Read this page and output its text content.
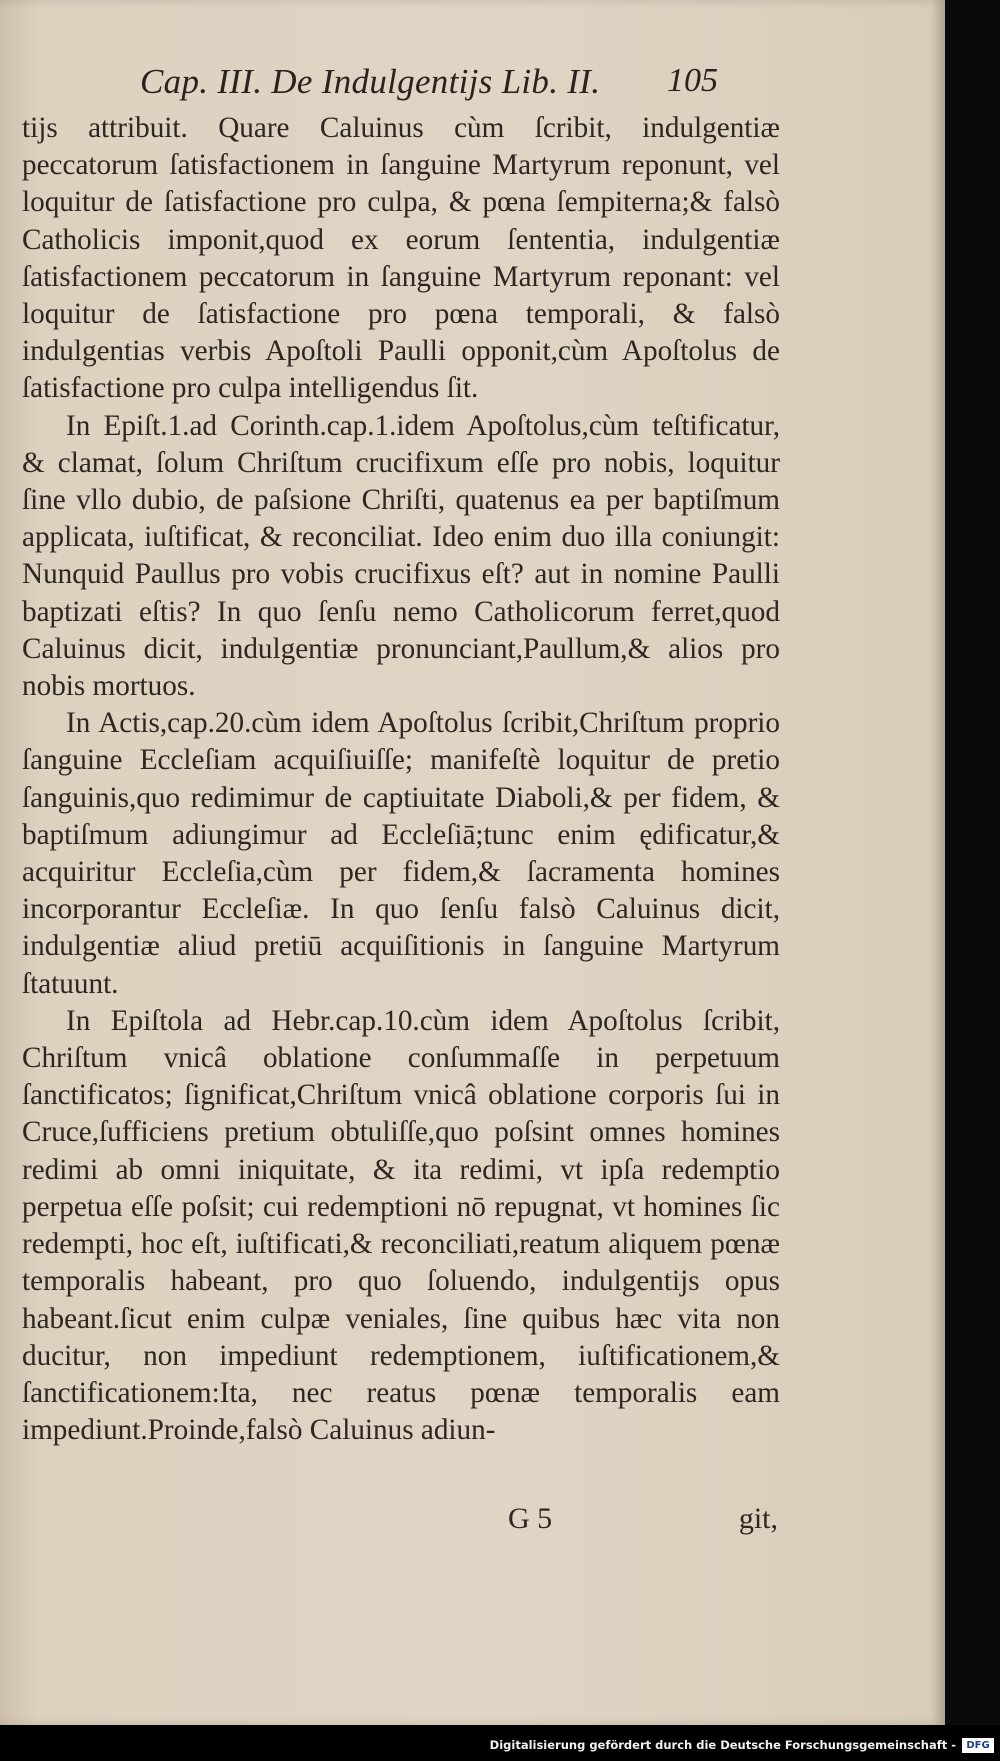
Cap. III. De Indulgentijs Lib. II.	105

tijs attribuit. Quare Caluinus cùm ſcribit, indulgentiæ peccatorum ſatisfactionem in ſanguine Martyrum reponunt, vel loquitur de ſatisfactione pro culpa, & pœna ſempiterna;& falsò Catholicis imponit,quod ex eorum ſententia, indulgentiæ ſatisfactionem peccatorum in ſanguine Martyrum reponant: vel loquitur de ſatisfactione pro pœna temporali, & falsò indulgentias verbis Apoſtoli Paulli opponit,cùm Apoſtolus de ſatisfactione pro culpa intelligendus ſit.

In Epiſt.1.ad Corinth.cap.1.idem Apoſtolus,cùm teſtificatur, & clamat, ſolum Chriſtum crucifixum eſſe pro nobis, loquitur ſine vllo dubio, de paſsione Chriſti, quatenus ea per baptiſmum applicata, iuſtificat, & reconciliat. Ideo enim duo illa coniungit: Nunquid Paullus pro vobis crucifixus eſt? aut in nomine Paulli baptizati eſtis? In quo ſenſu nemo Catholicorum ferret,quod Caluinus dicit, indulgentiæ pronunciant,Paullum,& alios pro nobis mortuos.

In Actis,cap.20.cùm idem Apoſtolus ſcribit,Chriſtum proprio ſanguine Eccleſiam acquiſiuiſſe; manifeſtè loquitur de pretio ſanguinis,quo redimimur de captiuitate Diaboli,& per fidem, & baptiſmum adiungimur ad Eccleſiā;tunc enim ędificatur,& acquiritur Eccleſia,cùm per fidem,& ſacramenta homines incorporantur Eccleſiæ. In quo ſenſu falsò Caluinus dicit, indulgentiæ aliud pretiū acquiſitionis in ſanguine Martyrum ſtatuunt.

In Epiſtola ad Hebr.cap.10.cùm idem Apoſtolus ſcribit, Chriſtum vnicâ oblatione conſummaſſe in perpetuum ſanctificatos; ſignificat,Chriſtum vnicâ oblatione corporis ſui in Cruce,ſufficiens pretium obtuliſſe,quo poſsint omnes homines redimi ab omni iniquitate, & ita redimi, vt ipſa redemptio perpetua eſſe poſsit; cui redemptioni nō repugnat, vt homines ſic redempti, hoc eſt, iuſtificati,& reconciliati,reatum aliquem pœnæ temporalis habeant, pro quo ſoluendo, indulgentijs opus habeant.ſicut enim culpæ veniales, ſine quibus hæc vita non ducitur, non impediunt redemptionem, iuſtificationem,& ſanctificationem:Ita, nec reatus pœnæ temporalis eam impediunt.Proinde,falsò Caluinus adiun-

G 5	git,
Digitalisierung gefördert durch die Deutsche Forschungsgemeinschaft -	DFG
